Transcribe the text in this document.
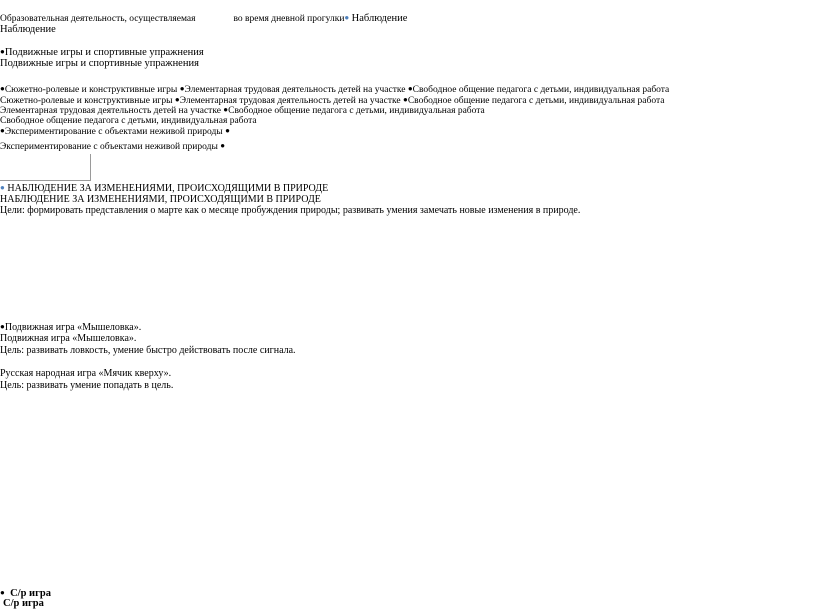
Образовательная деятельность, осуществляемая	во время дневной прогулки● Наблюдение
Наблюдение
●Подвижные игры и спортивные упражнения
Подвижные игры и спортивные упражнения
●Сюжетно-ролевые и конструктивные игры ●Элементарная трудовая деятельность детей на участке ●Свободное общение педагога с детьми, индивидуальная работа
Сюжетно-ролевые и конструктивные игры ●Элементарная трудовая деятельность детей на участке ●Свободное общение педагога с детьми, индивидуальная работа
Элементарная трудовая деятельность детей на участке ●Свободное общение педагога с детьми, индивидуальная работа
Свободное общение педагога с детьми, индивидуальная работа
●Экспериментирование с объектами неживой природы ●
Экспериментирование с объектами неживой природы ●
● НАБЛЮДЕНИЕ ЗА ИЗМЕНЕНИЯМИ, ПРОИСХОДЯЩИМИ В ПРИРОДЕ
НАБЛЮДЕНИЕ ЗА ИЗМЕНЕНИЯМИ, ПРОИСХОДЯЩИМИ В ПРИРОДЕ
Цели: формировать представления о марте как о месяце пробуждения природы; развивать умения замечать новые изменения в природе.
●Подвижная игра «Мышеловка».
Подвижная игра «Мышеловка».
Цель: развивать ловкость, умение быстро действовать после сигнала.
Русская народная игра «Мячик кверху».
Цель: развивать умение попадать в цель.
● С/р игра
С/р игра
